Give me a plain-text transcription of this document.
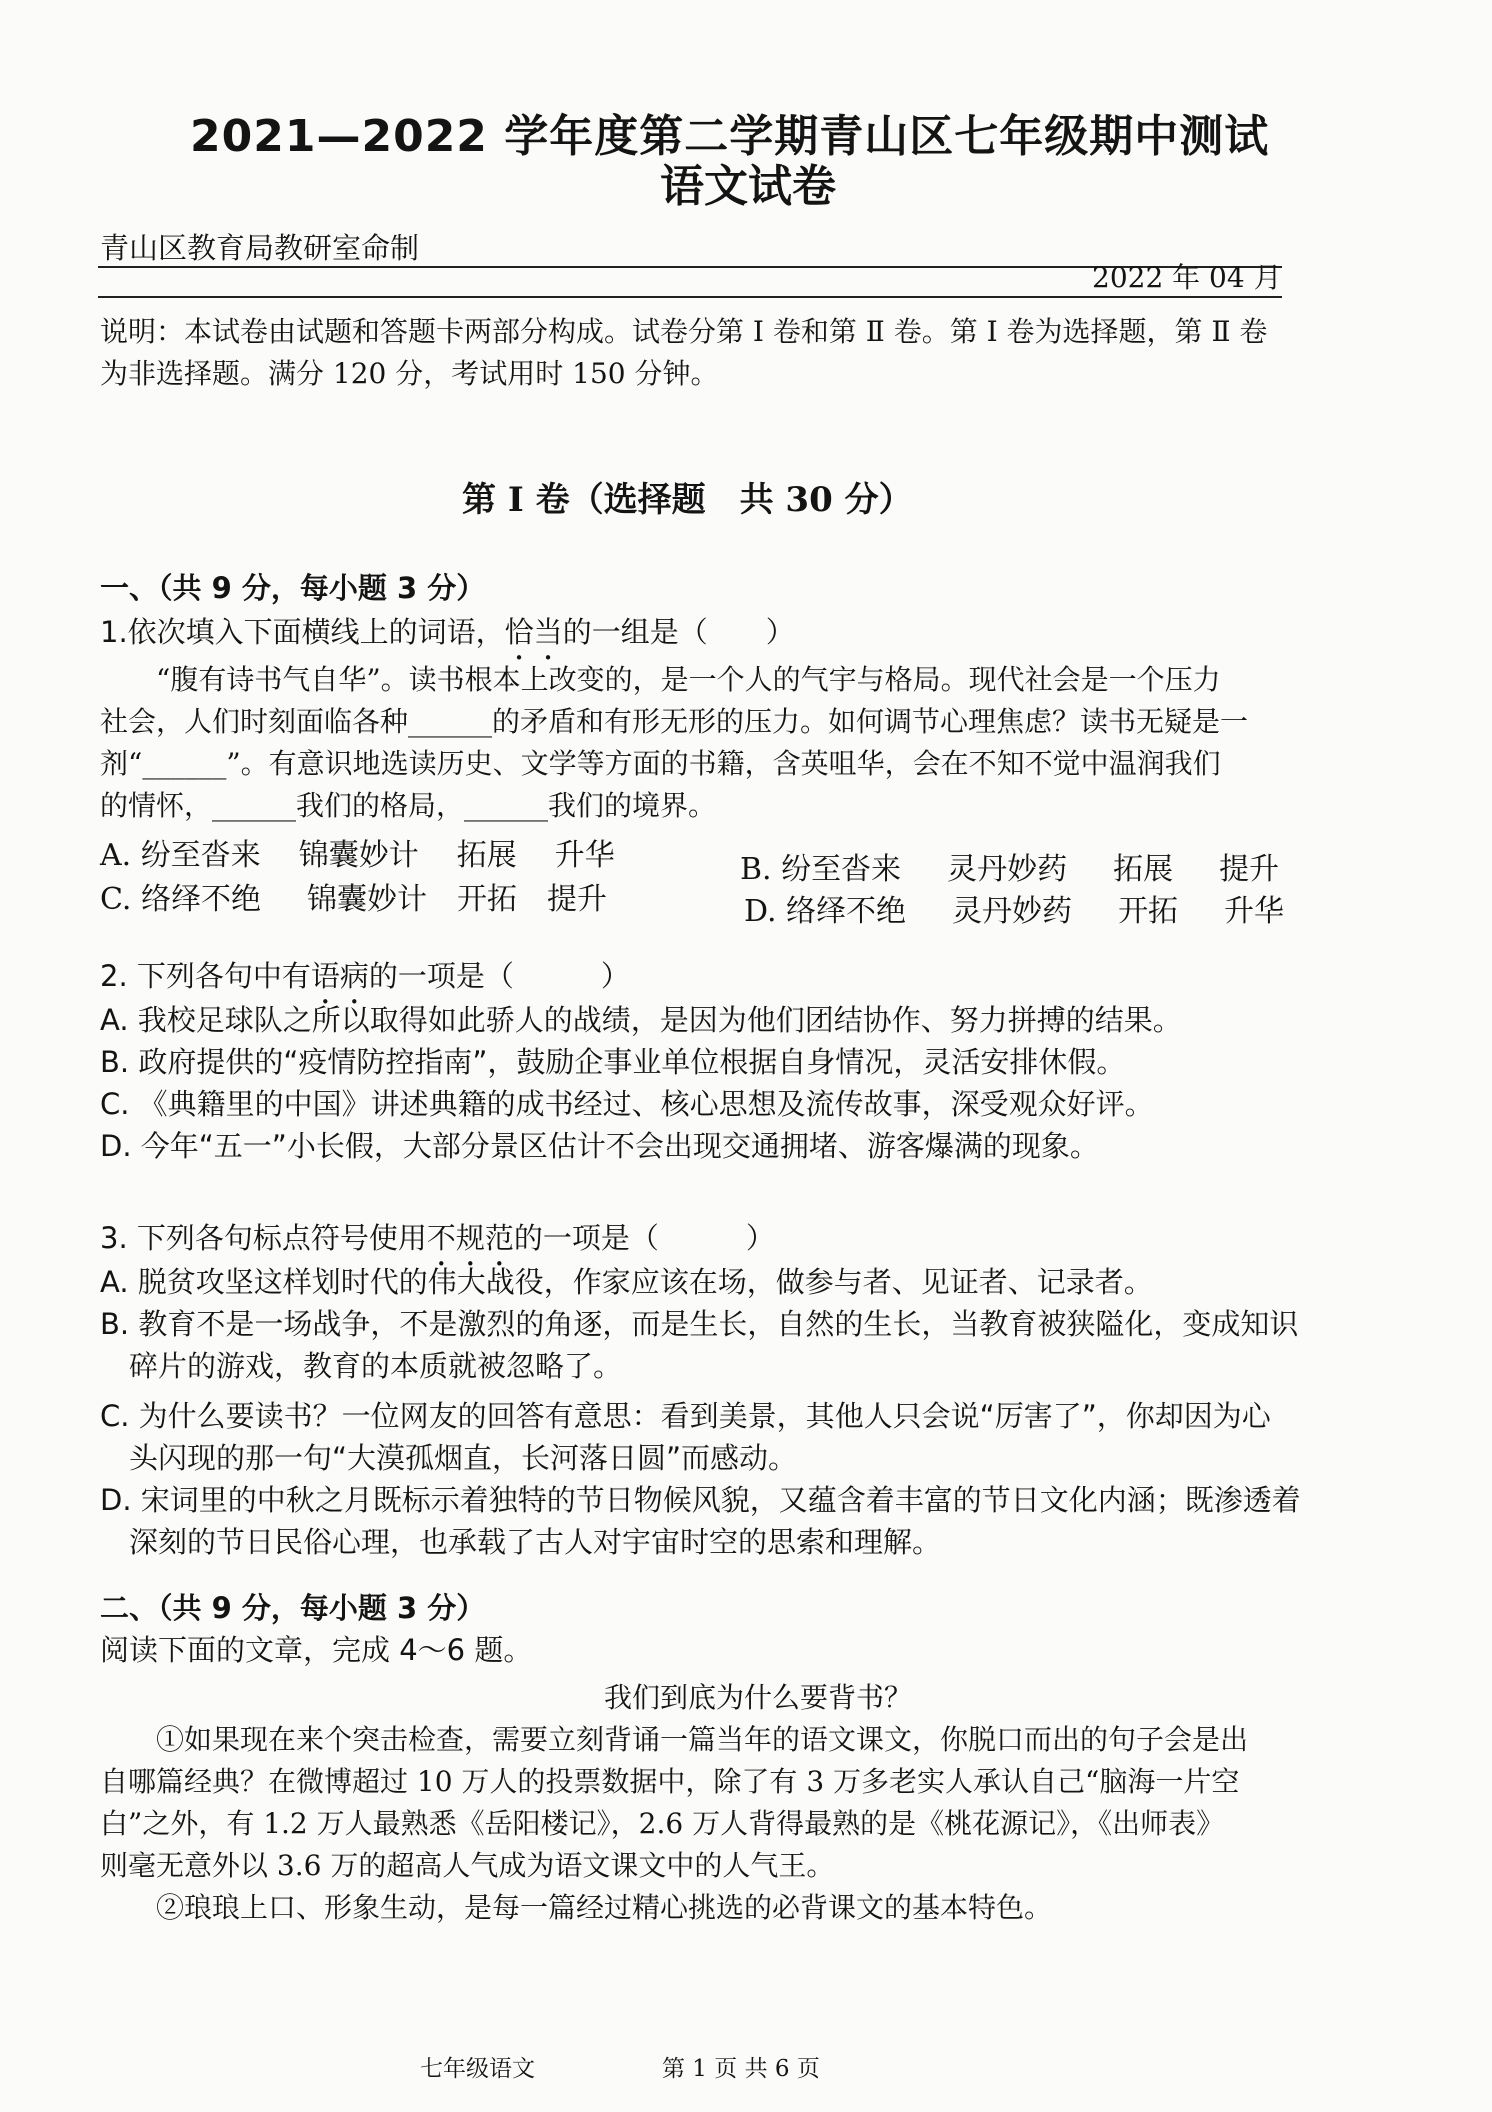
2021—2022 学年度第二学期青山区七年级期中测试
语文试卷
青山区教育局教研室命制
2022 年 04 月
说明：本试卷由试题和答题卡两部分构成。试卷分第 Ⅰ 卷和第 Ⅱ 卷。第 Ⅰ 卷为选择题，第 Ⅱ 卷
为非选择题。满分 120 分，考试用时 150 分钟。
第 Ⅰ 卷（选择题　共 30 分）
一、（共 9 分，每小题 3 分）
1.依次填入下面横线上的词语，恰当的一组是（　　）
　　“腹有诗书气自华”。读书根本上改变的，是一个人的气宇与格局。现代社会是一个压力
社会，人们时刻面临各种______的矛盾和有形无形的压力。如何调节心理焦虑？读书无疑是一
剂“______”。有意识地选读历史、文学等方面的书籍，含英咀华，会在不知不觉中温润我们
的情怀，______我们的格局，______我们的境界。
A. 纷至沓来 锦囊妙计 拓展 升华	B. 纷至沓来 灵丹妙药 拓展 提升
C. 络绎不绝 锦囊妙计 开拓 提升	D. 络绎不绝 灵丹妙药 开拓 升华
2. 下列各句中有语病的一项是（　　　）
A. 我校足球队之所以取得如此骄人的战绩，是因为他们团结协作、努力拼搏的结果。
B. 政府提供的“疫情防控指南”，鼓励企事业单位根据自身情况，灵活安排休假。
C. 《典籍里的中国》讲述典籍的成书经过、核心思想及流传故事，深受观众好评。
D. 今年“五一”小长假，大部分景区估计不会出现交通拥堵、游客爆满的现象。
3. 下列各句标点符号使用不规范的一项是（　　　）
A. 脱贫攻坚这样划时代的伟大战役，作家应该在场，做参与者、见证者、记录者。
B. 教育不是一场战争，不是激烈的角逐，而是生长，自然的生长，当教育被狭隘化，变成知识
　碎片的游戏，教育的本质就被忽略了。
C. 为什么要读书？一位网友的回答有意思：看到美景，其他人只会说“厉害了”，你却因为心
　头闪现的那一句“大漠孤烟直，长河落日圆”而感动。
D. 宋词里的中秋之月既标示着独特的节日物候风貌，又蕴含着丰富的节日文化内涵；既渗透着
　深刻的节日民俗心理，也承载了古人对宇宙时空的思索和理解。
二、（共 9 分，每小题 3 分）
阅读下面的文章，完成 4～6 题。
我们到底为什么要背书？
　　①如果现在来个突击检查，需要立刻背诵一篇当年的语文课文，你脱口而出的句子会是出
自哪篇经典？在微博超过 10 万人的投票数据中，除了有 3 万多老实人承认自己“脑海一片空
白”之外，有 1.2 万人最熟悉《岳阳楼记》，2.6 万人背得最熟的是《桃花源记》，《出师表》
则毫无意外以 3.6 万的超高人气成为语文课文中的人气王。
　　②琅琅上口、形象生动，是每一篇经过精心挑选的必背课文的基本特色。
七年级语文	第 1 页 共 6 页
